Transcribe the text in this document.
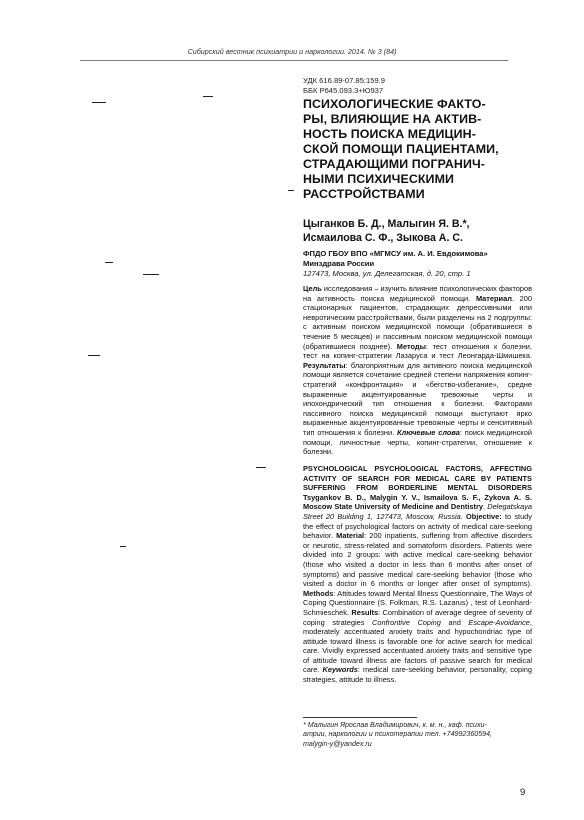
Сибирский вестник психиатрии и наркологии. 2014. № 3 (84)
УДК 616.89-07.85:159.9
ББК Р645.093.3+Ю937
ПСИХОЛОГИЧЕСКИЕ ФАКТО-
РЫ, ВЛИЯЮЩИЕ НА АКТИВ-
НОСТЬ ПОИСКА МЕДИЦИН-
СКОЙ ПОМОЩИ ПАЦИЕНТАМИ,
СТРАДАЮЩИМИ ПОГРАНИЧ-
НЫМИ ПСИХИЧЕСКИМИ
РАССТРОЙСТВАМИ
Цыганков Б. Д., Малыгин Я. В.*,
Исмаилова С. Ф., Зыкова А. С.
ФПДО ГБОУ ВПО «МГМСУ им. А. И. Евдокимова»
Минздрава России
127473, Москва, ул. Делегатская, д. 20, стр. 1
Цель исследования – изучить влияние психологических факторов на активность поиска медицинской помощи. Материал. 200 стационарных пациентов, страдающих депрессивными или невротическим расстройствами, были разделены на 2 подгруппы: с активным поиском медицинской помощи (обратившиеся в течение 5 месяцев) и пассивным поиском медицинской помощи (обратившиеся позднее). Методы: тест отношения к болезни, тест на копинг-стратегии Лазаруса и тест Леонгарда-Шмишека. Результаты: благоприятным для активного поиска медицинской помощи является сочетание средней степени напряжения копинг-стратегий «конфронтация» и «бегство-избегание», средне выраженные акцентуированные тревожные черты и ипохондрический тип отношения к болезни. Факторами пассивного поиска медицинской помощи выступают ярко выраженные акцентуированные тревожные черты и сенситивный тип отношения к болезни. Ключевые слова: поиск медицинской помощи, личностные черты, копинг-стратегии, отношение к болезни.
PSYCHOLOGICAL PSYCHOLOGICAL FACTORS, AFFECTING ACTIVITY OF SEARCH FOR MEDICAL CARE BY PATIENTS SUFFERING FROM BORDERLINE MENTAL DISORDERS Tsygankov B. D., Malygin Y. V., Ismailova S. F., Zykova A. S. Moscow State University of Medicine and Dentistry. Delegatskaya Street 20 Building 1, 127473, Moscow, Russia. Objective: to study the effect of psychological factors on activity of medical care-seeking behavior. Material: 200 inpatients, suffering from affective disorders or neurotic, stress-related and somatoform disorders. Patients were divided into 2 groups: with active medical care-seeking behavior (those who visited a doctor in less than 6 months after onset of symptoms) and passive medical care-seeking behavior (those who visited a doctor in 6 months or longer after onset of symptoms). Methods: Attitudes toward Mental Illness Questionnaire, The Ways of Coping Questionnaire (S. Folkman, R.S. Lazarus) , test of Leonhard-Schmieschek. Results: Combination of average degree of severity of coping strategies Confrontive Coping and Escape-Avoidance, moderately accentuated anxiety traits and hypochondriac type of attitude toward illness is favorable one for active search for medical care. Vividly expressed accentuated anxiety traits and sensitive type of attitude toward illness are factors of passive search for medical care. Keywords: medical care-seeking behavior, personality, coping strategies, attitude to illness.
* Малыгин Ярослав Владимирович, к. м. н., каф. психи-
атрии, наркологии и психотерапии тел. +74992360594,
malygin-y@yandex.ru
9
